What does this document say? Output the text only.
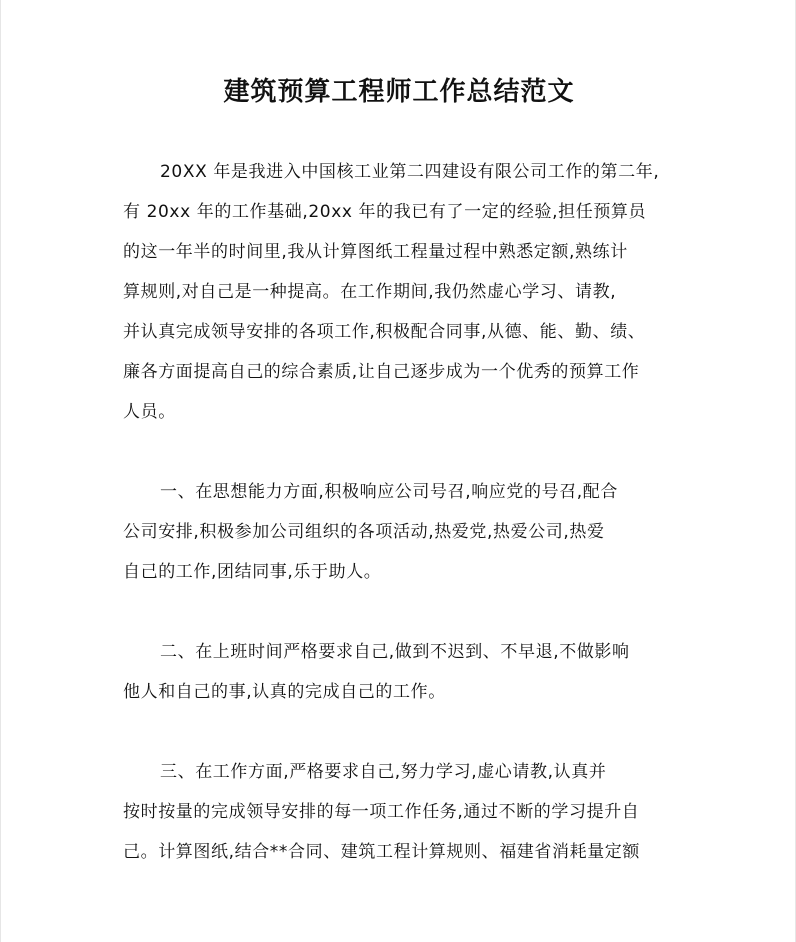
建筑预算工程师工作总结范文

20XX 年是我进入中国核工业第二四建设有限公司工作的第二年,
有 20xx 年的工作基础,20xx 年的我已有了一定的经验,担任预算员
的这一年半的时间里,我从计算图纸工程量过程中熟悉定额,熟练计
算规则,对自己是一种提高。在工作期间,我仍然虚心学习、请教,
并认真完成领导安排的各项工作,积极配合同事,从德、能、勤、绩、
廉各方面提高自己的综合素质,让自己逐步成为一个优秀的预算工作
人员。

一、在思想能力方面,积极响应公司号召,响应党的号召,配合
公司安排,积极参加公司组织的各项活动,热爱党,热爱公司,热爱
自己的工作,团结同事,乐于助人。

二、在上班时间严格要求自己,做到不迟到、不早退,不做影响
他人和自己的事,认真的完成自己的工作。

三、在工作方面,严格要求自己,努力学习,虚心请教,认真并
按时按量的完成领导安排的每一项工作任务,通过不断的学习提升自
己。计算图纸,结合**合同、建筑工程计算规则、福建省消耗量定额
